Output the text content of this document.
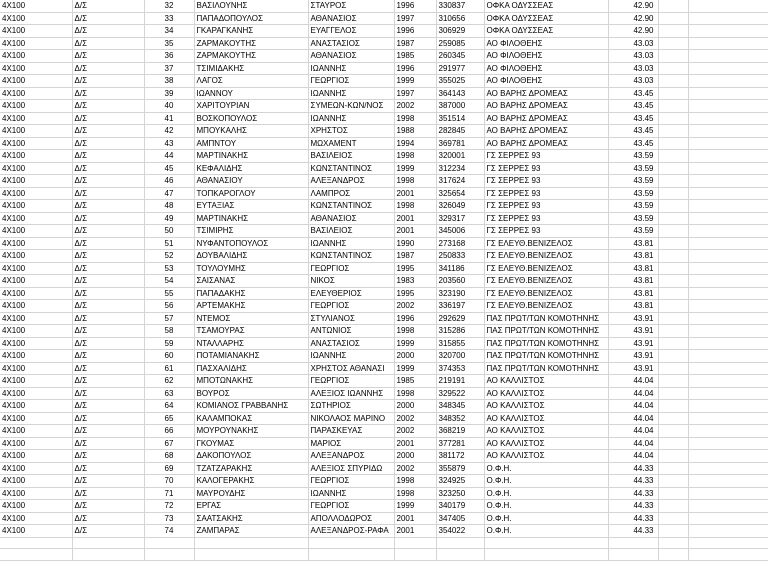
4X100	Δ/Σ	32	ΒΑΣΙΛΟΥΝΗΣ	ΣΤΑΥΡΟΣ	1996	330837	ΟΦΚΑ ΟΔΥΣΣΕΑΣ	42.90		
4X100	Δ/Σ	33	ΠΑΠΑΔΟΠΟΥΛΟΣ	ΑΘΑΝΑΣΙΟΣ	1997	310656	ΟΦΚΑ ΟΔΥΣΣΕΑΣ	42.90		
4X100	Δ/Σ	34	ΓΚΑΡΑΓΚΑΝΗΣ	ΕΥΑΓΓΕΛΟΣ	1996	306929	ΟΦΚΑ ΟΔΥΣΣΕΑΣ	42.90		
4X100	Δ/Σ	35	ΖΑΡΜΑΚΟΥΤΗΣ	ΑΝΑΣΤΑΣΙΟΣ	1987	259085	ΑΟ ΦΙΛΟΘΕΗΣ	43.03		
4X100	Δ/Σ	36	ΖΑΡΜΑΚΟΥΤΗΣ	ΑΘΑΝΑΣΙΟΣ	1985	260345	ΑΟ ΦΙΛΟΘΕΗΣ	43.03		
4X100	Δ/Σ	37	ΤΣΙΜΙΔΑΚΗΣ	ΙΩΑΝΝΗΣ	1996	291977	ΑΟ ΦΙΛΟΘΕΗΣ	43.03		
4X100	Δ/Σ	38	ΛΑΓΟΣ	ΓΕΩΡΓΙΟΣ	1999	355025	ΑΟ ΦΙΛΟΘΕΗΣ	43.03		
4X100	Δ/Σ	39	ΙΩΑΝΝΟΥ	ΙΩΑΝΝΗΣ	1997	364143	ΑΟ ΒΑΡΗΣ ΔΡΟΜΕΑΣ	43.45		
4X100	Δ/Σ	40	ΧΑΡΙΤΟΥΡΙΑΝ	ΣΥΜΕΩΝ-ΚΩΝ/ΝΟΣ	2002	387000	ΑΟ ΒΑΡΗΣ ΔΡΟΜΕΑΣ	43.45		
4X100	Δ/Σ	41	ΒΟΣΚΟΠΟΥΛΟΣ	ΙΩΑΝΝΗΣ	1998	351514	ΑΟ ΒΑΡΗΣ ΔΡΟΜΕΑΣ	43.45		
4X100	Δ/Σ	42	ΜΠΟΥΚΑΛΗΣ	ΧΡΗΣΤΟΣ	1988	282845	ΑΟ ΒΑΡΗΣ ΔΡΟΜΕΑΣ	43.45		
4X100	Δ/Σ	43	ΑΜΠΝΤΟΥ	ΜΩΧΑΜΕΝΤ	1994	369781	ΑΟ ΒΑΡΗΣ ΔΡΟΜΕΑΣ	43.45		
4X100	Δ/Σ	44	ΜΑΡΤΙΝΑΚΗΣ	ΒΑΣΙΛΕΙΟΣ	1998	320001	ΓΣ ΣΕΡΡΕΣ 93	43.59		
4X100	Δ/Σ	45	ΚΕΦΑΛΙΔΗΣ	ΚΩΝΣΤΑΝΤΙΝΟΣ	1999	312234	ΓΣ ΣΕΡΡΕΣ 93	43.59		
4X100	Δ/Σ	46	ΑΘΑΝΑΣΙΟΥ	ΑΛΕΞΑΝΔΡΟΣ	1998	317624	ΓΣ ΣΕΡΡΕΣ 93	43.59		
4X100	Δ/Σ	47	ΤΟΠΚΑΡΟΓΛΟΥ	ΛΑΜΠΡΟΣ	2001	325654	ΓΣ ΣΕΡΡΕΣ 93	43.59		
4X100	Δ/Σ	48	ΕΥΤΑΞΙΑΣ	ΚΩΝΣΤΑΝΤΙΝΟΣ	1998	326049	ΓΣ ΣΕΡΡΕΣ 93	43.59		
4X100	Δ/Σ	49	ΜΑΡΤΙΝΑΚΗΣ	ΑΘΑΝΑΣΙΟΣ	2001	329317	ΓΣ ΣΕΡΡΕΣ 93	43.59		
4X100	Δ/Σ	50	ΤΣΙΜΙΡΗΣ	ΒΑΣΙΛΕΙΟΣ	2001	345006	ΓΣ ΣΕΡΡΕΣ 93	43.59		
4X100	Δ/Σ	51	ΝΥΦΑΝΤΟΠΟΥΛΟΣ	ΙΩΑΝΝΗΣ	1990	273168	ΓΣ ΕΛΕΥΘ.ΒΕΝΙΖΕΛΟΣ	43.81		
4X100	Δ/Σ	52	ΔΟΥΒΑΛΙΔΗΣ	ΚΩΝΣΤΑΝΤΙΝΟΣ	1987	250833	ΓΣ ΕΛΕΥΘ.ΒΕΝΙΖΕΛΟΣ	43.81		
4X100	Δ/Σ	53	ΤΟΥΛΟΥΜΗΣ	ΓΕΩΡΓΙΟΣ	1995	341186	ΓΣ ΕΛΕΥΘ.ΒΕΝΙΖΕΛΟΣ	43.81		
4X100	Δ/Σ	54	ΣΑΙΣΑΝΑΣ	ΝΙΚΟΣ	1983	203560	ΓΣ ΕΛΕΥΘ.ΒΕΝΙΖΕΛΟΣ	43.81		
4X100	Δ/Σ	55	ΠΑΠΑΔΑΚΗΣ	ΕΛΕΥΘΕΡΙΟΣ	1995	323190	ΓΣ ΕΛΕΥΘ.ΒΕΝΙΖΕΛΟΣ	43.81		
4X100	Δ/Σ	56	ΑΡΤΕΜΑΚΗΣ	ΓΕΩΡΓΙΟΣ	2002	336197	ΓΣ ΕΛΕΥΘ.ΒΕΝΙΖΕΛΟΣ	43.81		
4X100	Δ/Σ	57	ΝΤΕΜΟΣ	ΣΤΥΛΙΑΝΟΣ	1996	292629	ΠΑΣ ΠΡΩΤ/ΤΩΝ ΚΟΜΟΤΗΝΗΣ	43.91		
4X100	Δ/Σ	58	ΤΣΑΜΟΥΡΑΣ	ΑΝΤΩΝΙΟΣ	1998	315286	ΠΑΣ ΠΡΩΤ/ΤΩΝ ΚΟΜΟΤΗΝΗΣ	43.91		
4X100	Δ/Σ	59	ΝΤΑΛΛΑΡΗΣ	ΑΝΑΣΤΑΣΙΟΣ	1999	315855	ΠΑΣ ΠΡΩΤ/ΤΩΝ ΚΟΜΟΤΗΝΗΣ	43.91		
4X100	Δ/Σ	60	ΠΟΤΑΜΙΑΝΑΚΗΣ	ΙΩΑΝΝΗΣ	2000	320700	ΠΑΣ ΠΡΩΤ/ΤΩΝ ΚΟΜΟΤΗΝΗΣ	43.91		
4X100	Δ/Σ	61	ΠΑΣΧΑΛΙΔΗΣ	ΧΡΗΣΤΟΣ ΑΘΑΝΑΣΙ	1999	374353	ΠΑΣ ΠΡΩΤ/ΤΩΝ ΚΟΜΟΤΗΝΗΣ	43.91		
4X100	Δ/Σ	62	ΜΠΟΤΩΝΑΚΗΣ	ΓΕΩΡΓΙΟΣ	1985	219191	ΑΟ ΚΑΛΛΙΣΤΟΣ	44.04		
4X100	Δ/Σ	63	ΒΟΥΡΟΣ	ΑΛΕΞΙΟΣ ΙΩΑΝΝΗΣ	1998	329522	ΑΟ ΚΑΛΛΙΣΤΟΣ	44.04		
4X100	Δ/Σ	64	ΚΟΜΙΑΝΟΣ ΓΡΑΒΒΑΝΗΣ	ΣΩΤΗΡΙΟΣ	2000	348345	ΑΟ ΚΑΛΛΙΣΤΟΣ	44.04		
4X100	Δ/Σ	65	ΚΑΛΑΜΠΟΚΑΣ	ΝΙΚΟΛΑΟΣ ΜΑΡΙΝΟ	2002	348352	ΑΟ ΚΑΛΛΙΣΤΟΣ	44.04		
4X100	Δ/Σ	66	ΜΟΥΡΟΥΝΑΚΗΣ	ΠΑΡΑΣΚΕΥΑΣ	2002	368219	ΑΟ ΚΑΛΛΙΣΤΟΣ	44.04		
4X100	Δ/Σ	67	ΓΚΟΥΜΑΣ	ΜΑΡΙΟΣ	2001	377281	ΑΟ ΚΑΛΛΙΣΤΟΣ	44.04		
4X100	Δ/Σ	68	ΔΑΚΟΠΟΥΛΟΣ	ΑΛΕΞΑΝΔΡΟΣ	2000	381172	ΑΟ ΚΑΛΛΙΣΤΟΣ	44.04		
4X100	Δ/Σ	69	ΤΖΑΤΖΑΡΑΚΗΣ	ΑΛΕΞΙΟΣ ΣΠΥΡΙΔΩ	2002	355879	Ο.Φ.Η.	44.33		
4X100	Δ/Σ	70	ΚΑΛΟΓΕΡΑΚΗΣ	ΓΕΩΡΓΙΟΣ	1998	324925	Ο.Φ.Η.	44.33		
4X100	Δ/Σ	71	ΜΑΥΡΟΥΔΗΣ	ΙΩΑΝΝΗΣ	1998	323250	Ο.Φ.Η.	44.33		
4X100	Δ/Σ	72	ΕΡΓΑΣ	ΓΕΩΡΓΙΟΣ	1999	340179	Ο.Φ.Η.	44.33		
4X100	Δ/Σ	73	ΣΑΑΤΣΑΚΗΣ	ΑΠΟΛΛΟΔΩΡΟΣ	2001	347405	Ο.Φ.Η.	44.33		
4X100	Δ/Σ	74	ΖΑΜΠΑΡΑΣ	ΑΛΕΞΑΝΔΡΟΣ-ΡΑΦΑ	2001	354022	Ο.Φ.Η.	44.33		
